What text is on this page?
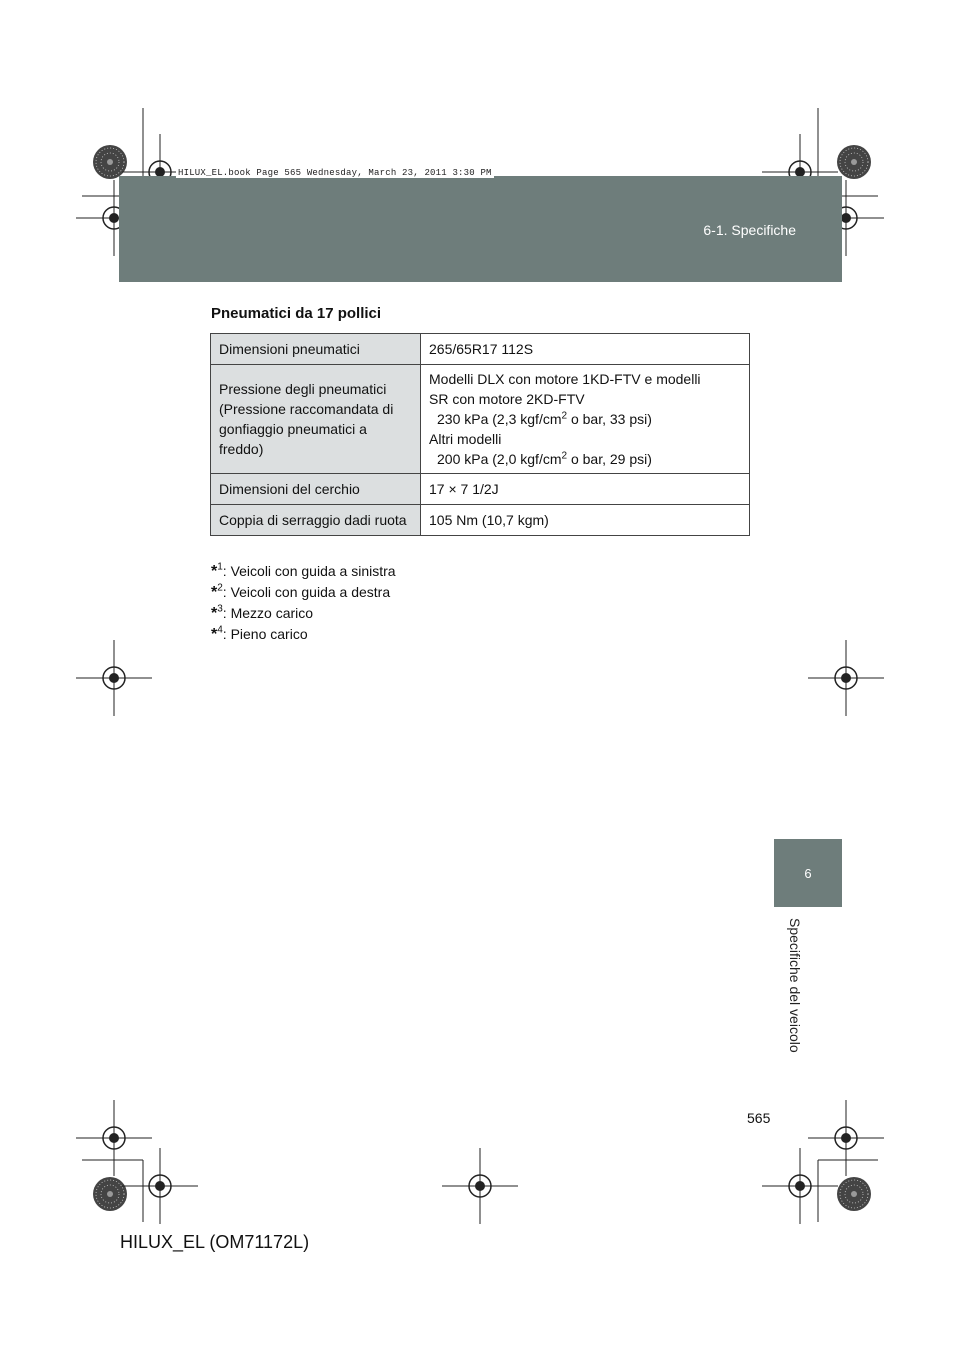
HILUX_EL.book Page 565 Wednesday, March 23, 2011 3:30 PM
6-1. Specifiche
6
Specifiche del veicolo
Pneumatici da 17 pollici
Dimensioni pneumatici	265/65R17 112S
Pressione degli pneumatici (Pressione raccomandata di gonfiaggio pneumatici a freddo)	Modelli DLX con motore 1KD-FTV e modelli
SR con motore 2KD-FTV
230 kPa (2,3 kgf/$cm^2$ o bar, 33 psi)
Altri modelli
200 kPa (2,0 kgf/$cm^2$ o bar, 29 psi)

Dimensioni del cerchio	17 × 7 1/2J
Coppia di serraggio dadi ruota	105 Nm (10,7 kgm)
*$^1$: Veicoli con guida a sinistra
*$^2$: Veicoli con guida a destra
*$^3$: Mezzo carico
*$^4$: Pieno carico
565
HILUX_EL (OM71172L)
